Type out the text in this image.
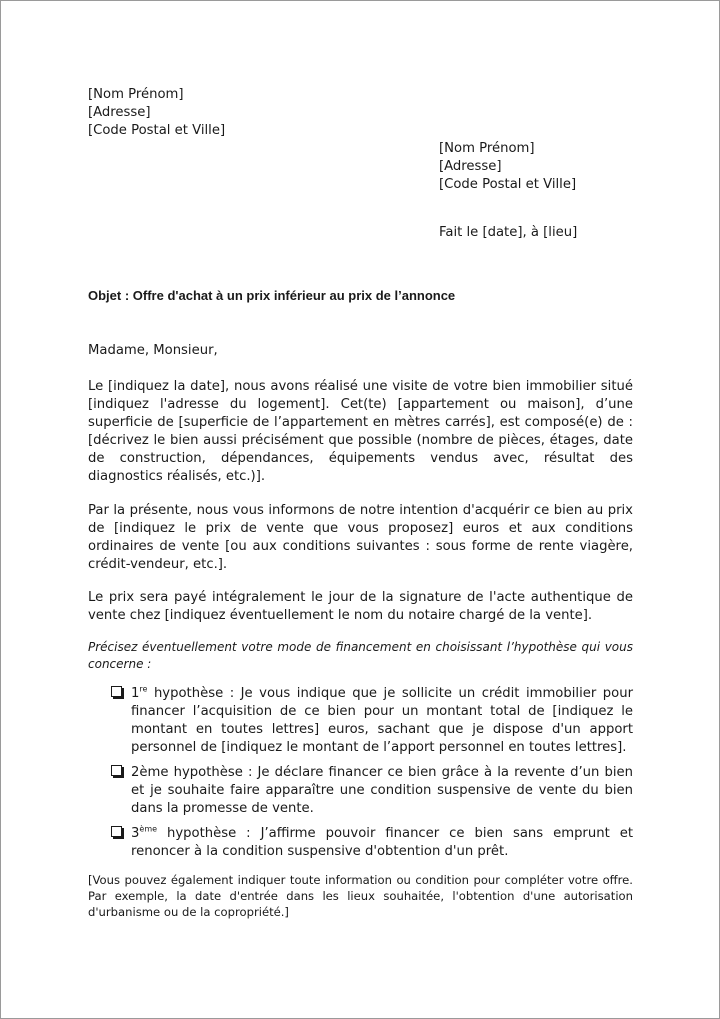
[Nom Prénom]
[Adresse]
[Code Postal et Ville]
[Nom Prénom]
[Adresse]
[Code Postal et Ville]
Fait le [date], à [lieu]
Objet : Offre d'achat à un prix inférieur au prix de l’annonce
Madame, Monsieur,
Le [indiquez la date], nous avons réalisé une visite de votre bien immobilier situé [indiquez l'adresse du logement]. Cet(te) [appartement ou maison], d’une superficie de [superficie de l’appartement en mètres carrés], est composé(e) de : [décrivez le bien aussi précisément que possible (nombre de pièces, étages, date de construction, dépendances, équipements vendus avec, résultat des diagnostics réalisés, etc.)].
Par la présente, nous vous informons de notre intention d'acquérir ce bien au prix de [indiquez le prix de vente que vous proposez] euros et aux conditions ordinaires de vente [ou aux conditions suivantes : sous forme de rente viagère, crédit-vendeur, etc.].
Le prix sera payé intégralement le jour de la signature de l'acte authentique de vente chez [indiquez éventuellement le nom du notaire chargé de la vente].
Précisez éventuellement votre mode de financement en choisissant l’hypothèse qui vous concerne :
1re hypothèse : Je vous indique que je sollicite un crédit immobilier pour financer l’acquisition de ce bien pour un montant total de [indiquez le montant en toutes lettres] euros, sachant que je dispose d'un apport personnel de [indiquez le montant de l’apport personnel en toutes lettres].
2ème hypothèse : Je déclare financer ce bien grâce à la revente d’un bien et je souhaite faire apparaître une condition suspensive de vente du bien dans la promesse de vente.
3ème hypothèse : J’affirme pouvoir financer ce bien sans emprunt et renoncer à la condition suspensive d'obtention d'un prêt.
[Vous pouvez également indiquer toute information ou condition pour compléter votre offre. Par exemple, la date d'entrée dans les lieux souhaitée, l'obtention d'une autorisation d'urbanisme ou de la copropriété.]
